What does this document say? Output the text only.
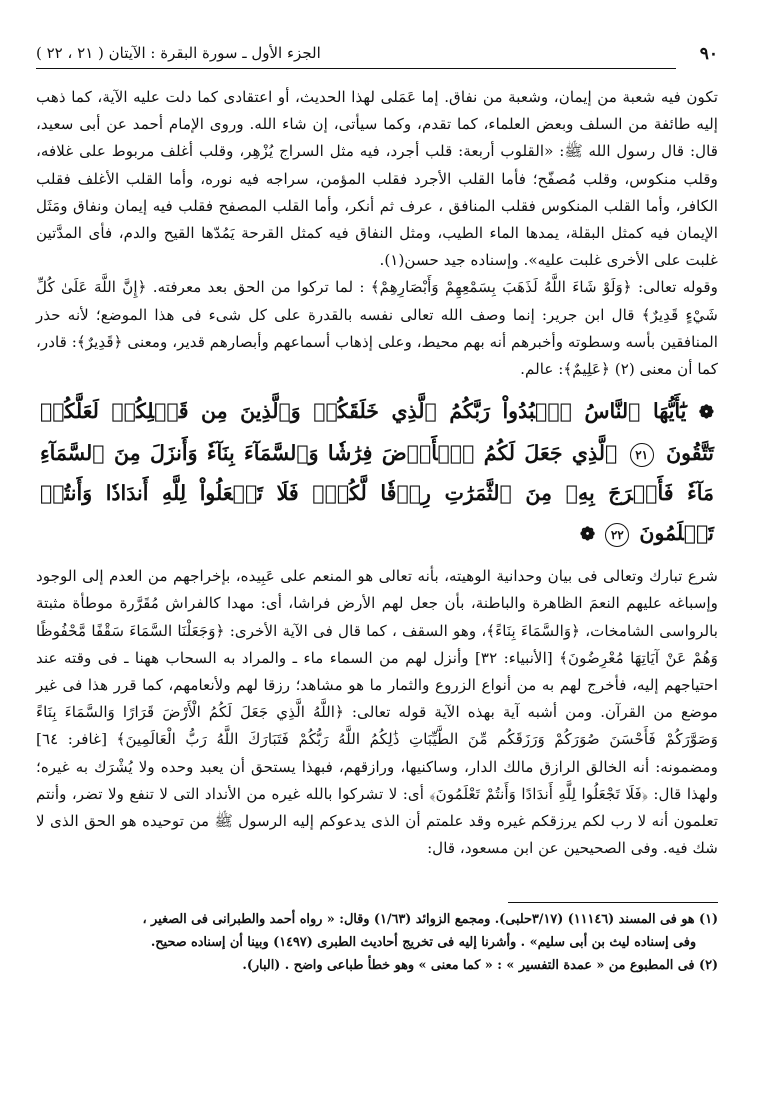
٩٠
الجزء الأول ـ سورة البقرة : الآيتان ( ٢١ ، ٢٢ )

تكون فيه شعبة من إيمان، وشعبة من نفاق. إما عَمَلى لهذا الحديث، أو اعتقادى كما دلت عليه الآية، كما ذهب إليه طائفة من السلف وبعض العلماء، كما تقدم، وكما سيأتى، إن شاء الله. وروى الإمام أحمد عن أبى سعيد، قال: قال رسول الله ﷺ: «القلوب أربعة: قلب أجرد، فيه مثل السراج يُزْهِر، وقلب أغلف مربوط على غلافه، وقلب منكوس، وقلب مُصفّح؛ فأما القلب الأجرد فقلب المؤمن، سراجه فيه نوره، وأما القلب الأغلف فقلب الكافر، وأما القلب المنكوس فقلب المنافق ، عرف ثم أنكر، وأما القلب المصفح فقلب فيه إيمان ونفاق ومَثَل الإيمان فيه كمثل البقلة، يمدها الماء الطيب، ومثل النفاق فيه كمثل القرحة يَمُدّها القيح والدم، فأى المدَّتين غلبت على الأخرى غلبت عليه». وإسناده جيد حسن(١).

وقوله تعالى: ﴿وَلَوْ شَاءَ اللَّهُ لَذَهَبَ بِسَمْعِهِمْ وَأَبْصَارِهِمْ﴾ : لما تركوا من الحق بعد معرفته. ﴿إِنَّ اللَّهَ عَلَىٰ كُلِّ شَيْءٍ قَدِيرٌ﴾ قال ابن جرير: إنما وصف الله تعالى نفسه بالقدرة على كل شىء فى هذا الموضع؛ لأنه حذر المنافقين بأسه وسطوته وأخبرهم أنه بهم محيط، وعلى إذهاب أسماعهم وأبصارهم قدير، ومعنى ﴿قَدِيرٌ﴾: قادر، كما أن معنى (٢) ﴿عَلِيمٌ﴾: عالم.

❁ يَٰٓأَيُّهَا ٱلنَّاسُ ٱعۡبُدُواْ رَبَّكُمُ ٱلَّذِي خَلَقَكُمۡ وَٱلَّذِينَ مِن قَبۡلِكُمۡ لَعَلَّكُمۡ تَتَّقُونَ ٢١ ٱلَّذِي جَعَلَ لَكُمُ ٱلۡأَرۡضَ فِرَٰشٗا وَٱلسَّمَآءَ بِنَآءٗ وَأَنزَلَ مِنَ ٱلسَّمَآءِ مَآءٗ فَأَخۡرَجَ بِهِۦ مِنَ ٱلثَّمَرَٰتِ رِزۡقٗا لَّكُمۡۖ فَلَا تَجۡعَلُواْ لِلَّهِ أَندَادٗا وَأَنتُمۡ تَعۡلَمُونَ ٢٢ ❁

شرع تبارك وتعالى فى بيان وحدانية الوهيته، بأنه تعالى هو المنعم على عَبِيده، بإخراجهم من العدم إلى الوجود وإسباغه عليهم النعمَ الظاهرة والباطنة، بأن جعل لهم الأرض فراشا، أى: مهدا كالفراش مُقَرَّرة موطأة مثبتة بالرواسى الشامخات، ﴿وَالسَّمَاءَ بِنَاءً﴾، وهو السقف ، كما قال فى الآية الأخرى: ﴿وَجَعَلْنَا السَّمَاءَ سَقْفًا مَّحْفُوظًا وَهُمْ عَنْ آيَاتِهَا مُعْرِضُونَ﴾ [الأنبياء: ٣٢] وأنزل لهم من السماء ماء ـ والمراد به السحاب ههنا ـ فى وقته عند احتياجهم إليه، فأخرج لهم به من أنواع الزروع والثمار ما هو مشاهد؛ رزقا لهم ولأنعامهم، كما قرر هذا فى غير موضع من القرآن. ومن أشبه آية بهذه الآية قوله تعالى: ﴿اللَّهُ الَّذِي جَعَلَ لَكُمُ الْأَرْضَ قَرَارًا وَالسَّمَاءَ بِنَاءً وَصَوَّرَكُمْ فَأَحْسَنَ صُوَرَكُمْ وَرَزَقَكُم مِّنَ الطَّيِّبَاتِ ذَٰلِكُمُ اللَّهُ رَبُّكُمْ فَتَبَارَكَ اللَّهُ رَبُّ الْعَالَمِينَ﴾ [غافر: ٦٤] ومضمونه: أنه الخالق الرازق مالك الدار، وساكنيها، ورازقهم، فبهذا يستحق أن يعبد وحده ولا يُشْرَك به غيره؛ ولهذا قال: ﴿فَلَا تَجْعَلُوا لِلَّهِ أَندَادًا وَأَنتُمْ تَعْلَمُونَ﴾ أى: لا تشركوا بالله غيره من الأنداد التى لا تنفع ولا تضر، وأنتم تعلمون أنه لا رب لكم يرزقكم غيره وقد علمتم أن الذى يدعوكم إليه الرسول ﷺ من توحيده هو الحق الذى لا شك فيه. وفى الصحيحين عن ابن مسعود، قال:

(١) هو فى المسند (١١١٤٦) (٣/١٧حلبى). ومجمع الزوائد (١/٦٣) وقال: « رواه أحمد والطبرانى فى الصغير ،

وفى إسناده ليث بن أبى سليم» . وأشرنا إليه فى تخريج أحاديث الطبرى (١٤٩٧) وبينا أن إسناده صحيح.

(٢) فى المطبوع من « عمدة التفسير » : « كما معنى » وهو خطأ طباعى واضح . (البار).
